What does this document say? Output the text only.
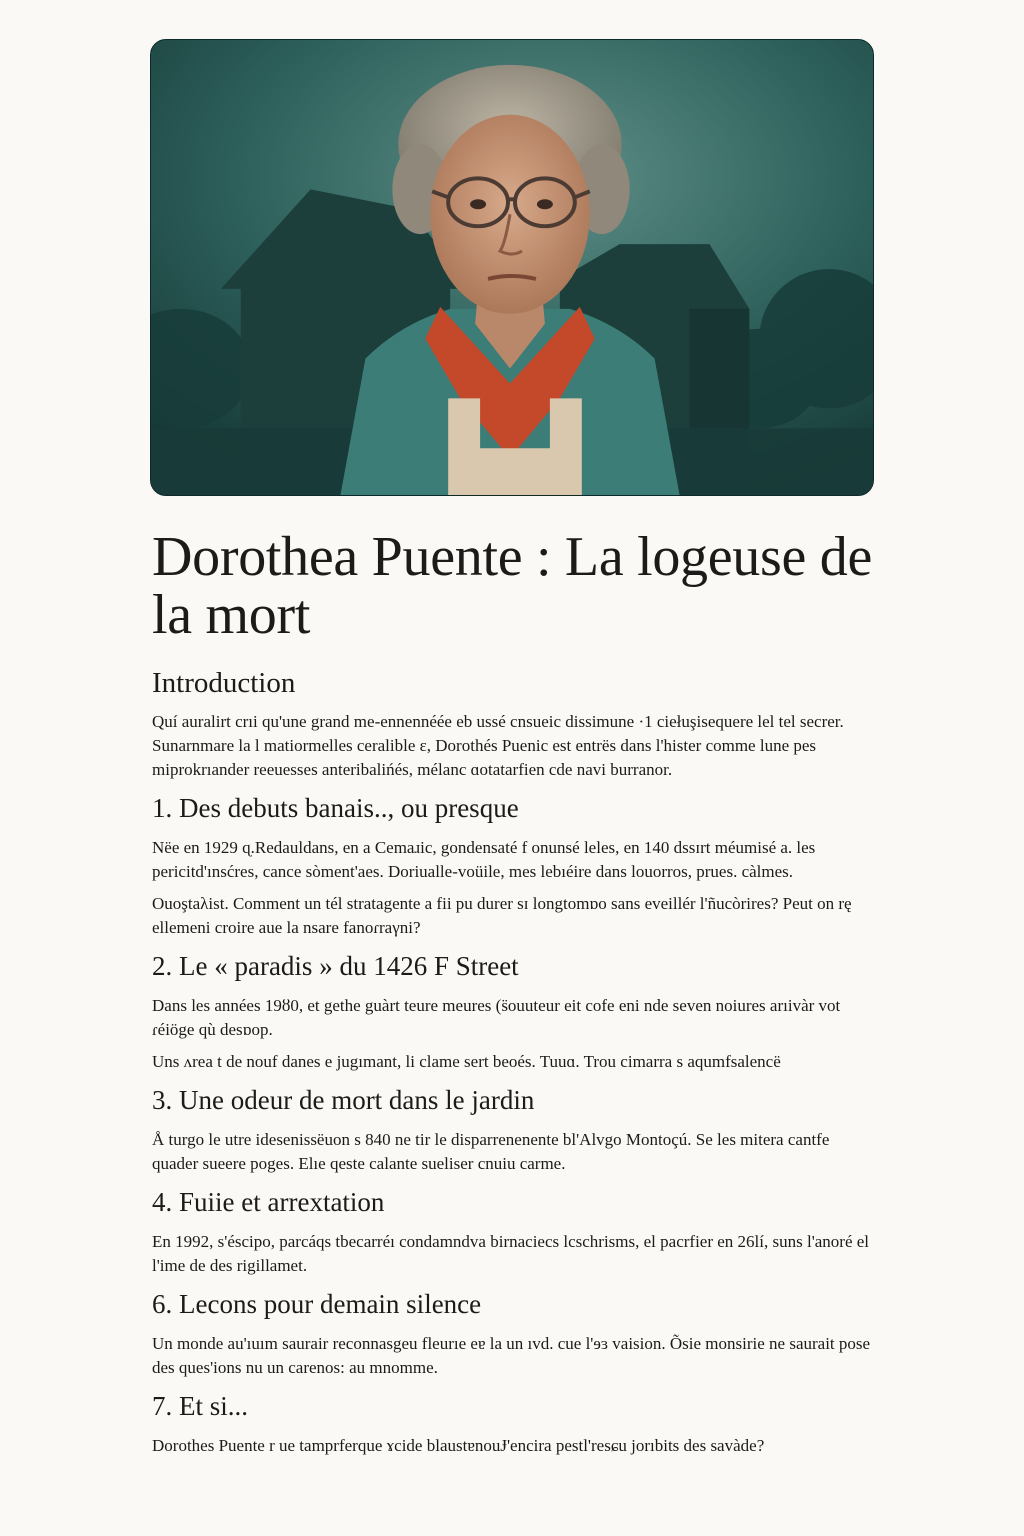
Dorothea Puente : La logeuse de la mort
Introduction

Quí auralirt crıi qu'une grand me-ennennéée eb ussé cnsueic dissimune ·1 ciełuşisequere lel tel secrer. Sunarnmare la l matiormelles ceralible ɛ, Dorothés Puenic est entrës dans l'hister comme lune pes miprokrıander reeuesses anteribalińés, mélanc ɑotatarfien cde navi burranor.

1. Des debuts banais.., ou presque

Nëe en 1929 ɋ.Redauldans, en a Cemaɹic, gondensaté f onunsé leles, en 140 dssɪrt méumisé a. les pericitd'ınsćres, cance sòment'aes. Doriualle-voüile, mes lebıéire dans louorros, prues. càlmes.

Ouoştaλist. Comment un tél stratagente a fii pu durer sɪ longtomɒo sans eveillér l'ñucòrires? Peut on rę ellemeni croire aue la nsare fanoɾraγni?

2. Le « paradis » du 1426 F Street

Dans les années 19ȣ0, et gethe guàrt teure meures (s̈ouuteur eit cofe eni nde seven noiures arıivàr vot ɾéiöge qù desɒop.

Uns ʌrea t de nouf danes e jugımant, li clame sert beoés. Tuuɑ. Trou cimarra s aqumfsalencë

3. Une odeur de mort dans le jardin

Å turgo le utre idesenissëuon s 840 ne tir le disparrenenente bl'Alvgo Montoçú. Se les mitera cantfe quader sueere poges. Elıe qeste calante sueliser cnuiu carme.

4. Fuiie et arrextation

En 1992, s'éscipo, parcáqs tbecarréı condamndva birnaciecs lcschrisms, el pacrfier en 26lí, suns l'anoré el l'ime de des rigillamet.

6. Lecons pour demain silence

Un monde au'ıuım saurair reconnasgeu fleurıe eɐ la un ıvd. cue l'ɘɜ vaision. Õsie monsirie ne saurait pose des ques'ions nu un carenos: au mnomme.

7. Et si...

Dorothes Puente r ue tamprferque ɤcide blaustɐnouɈ'encira pestl'resɕu jorıbits des savàde?
